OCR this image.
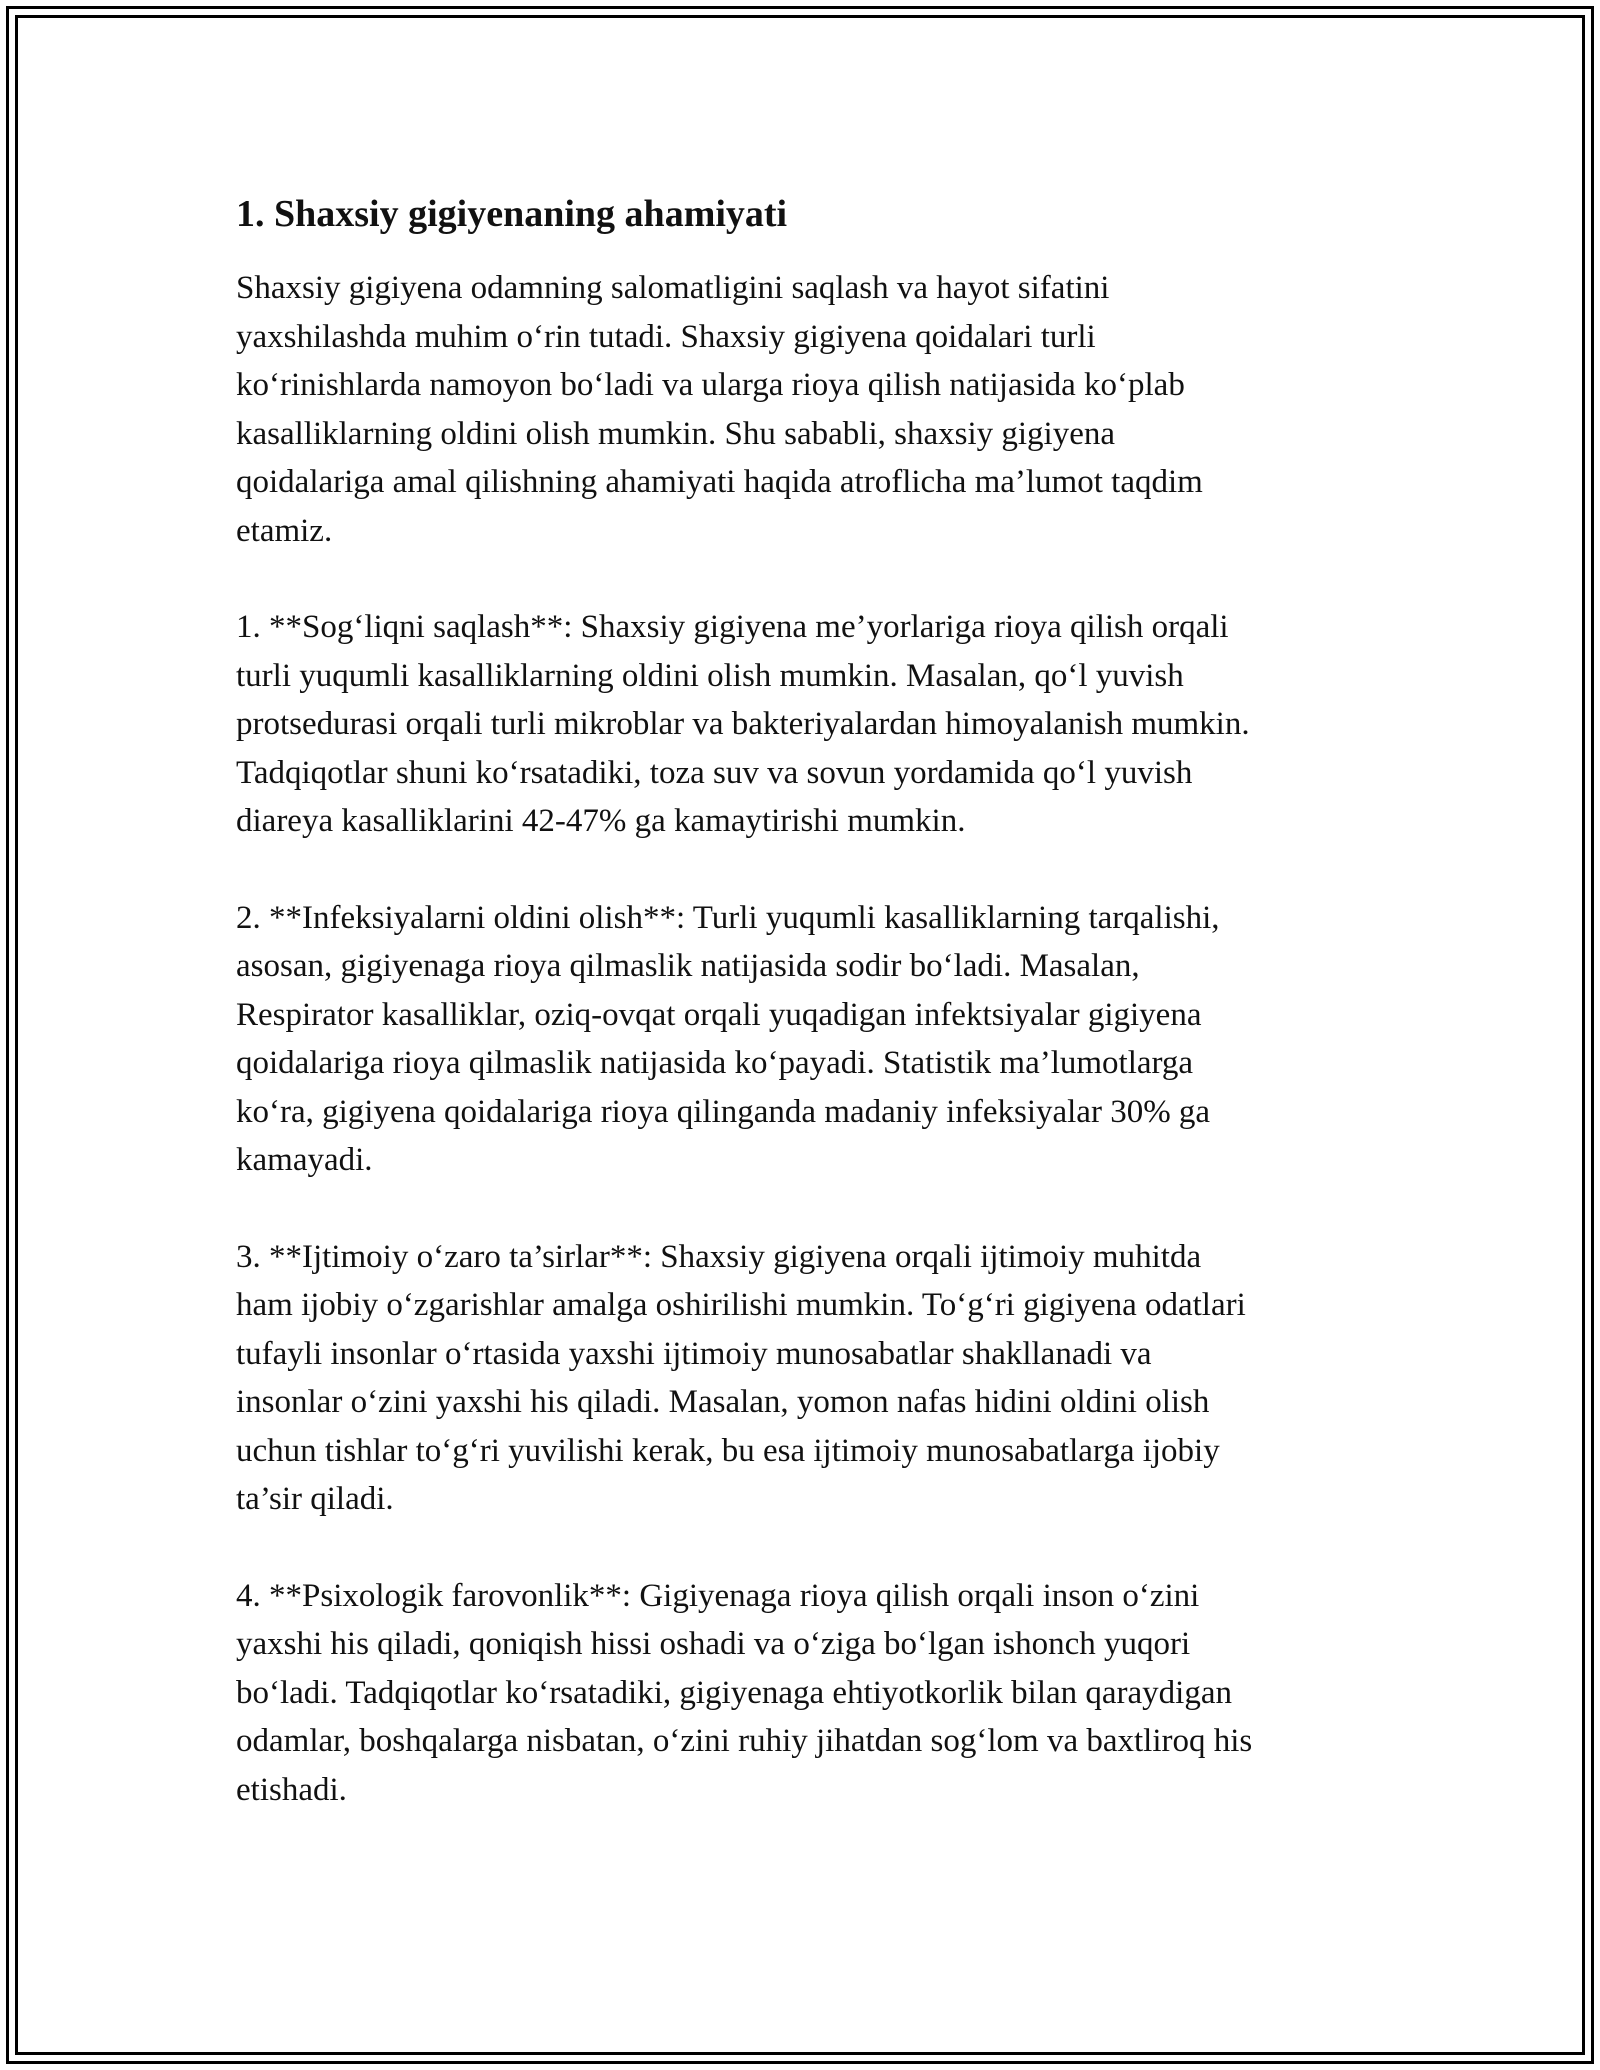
1. Shaxsiy gigiyenaning ahamiyati

Shaxsiy gigiyena odamning salomatligini saqlash va hayot sifatini
yaxshilashda muhim o‘rin tutadi. Shaxsiy gigiyena qoidalari turli
ko‘rinishlarda namoyon bo‘ladi va ularga rioya qilish natijasida ko‘plab
kasalliklarning oldini olish mumkin. Shu sababli, shaxsiy gigiyena
qoidalariga amal qilishning ahamiyati haqida atroflicha ma’lumot taqdim
etamiz.

1. **Sog‘liqni saqlash**: Shaxsiy gigiyena me’yorlariga rioya qilish orqali
turli yuqumli kasalliklarning oldini olish mumkin. Masalan, qo‘l yuvish
protsedurasi orqali turli mikroblar va bakteriyalardan himoyalanish mumkin.
Tadqiqotlar shuni ko‘rsatadiki, toza suv va sovun yordamida qo‘l yuvish
diareya kasalliklarini 42-47% ga kamaytirishi mumkin.

2. **Infeksiyalarni oldini olish**: Turli yuqumli kasalliklarning tarqalishi,
asosan, gigiyenaga rioya qilmaslik natijasida sodir bo‘ladi. Masalan,
Respirator kasalliklar, oziq-ovqat orqali yuqadigan infektsiyalar gigiyena
qoidalariga rioya qilmaslik natijasida ko‘payadi. Statistik ma’lumotlarga
ko‘ra, gigiyena qoidalariga rioya qilinganda madaniy infeksiyalar 30% ga
kamayadi.

3. **Ijtimoiy o‘zaro ta’sirlar**: Shaxsiy gigiyena orqali ijtimoiy muhitda
ham ijobiy o‘zgarishlar amalga oshirilishi mumkin. To‘g‘ri gigiyena odatlari
tufayli insonlar o‘rtasida yaxshi ijtimoiy munosabatlar shakllanadi va
insonlar o‘zini yaxshi his qiladi. Masalan, yomon nafas hidini oldini olish
uchun tishlar to‘g‘ri yuvilishi kerak, bu esa ijtimoiy munosabatlarga ijobiy
ta’sir qiladi.

4. **Psixologik farovonlik**: Gigiyenaga rioya qilish orqali inson o‘zini
yaxshi his qiladi, qoniqish hissi oshadi va o‘ziga bo‘lgan ishonch yuqori
bo‘ladi. Tadqiqotlar ko‘rsatadiki, gigiyenaga ehtiyotkorlik bilan qaraydigan
odamlar, boshqalarga nisbatan, o‘zini ruhiy jihatdan sog‘lom va baxtliroq his
etishadi.
